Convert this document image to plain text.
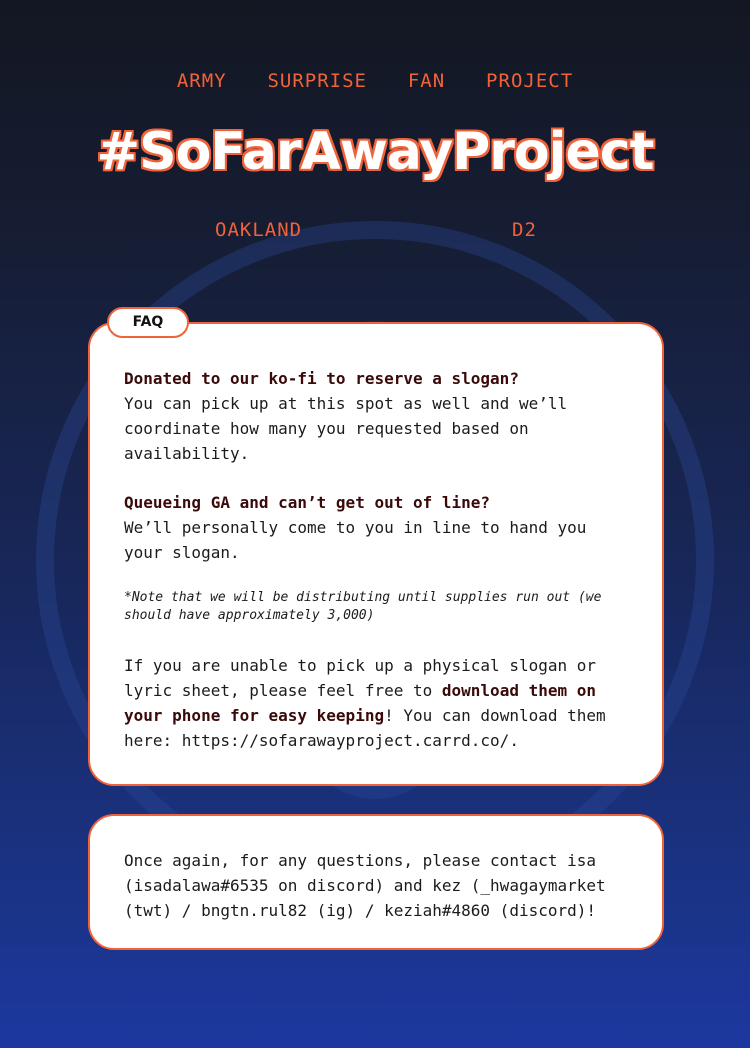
ARMY  SURPRISE  FAN  PROJECT
#SoFarAwayProject
OAKLAND	D2

Donated to our ko-fi to reserve a slogan?

You can pick up at this spot as well and we’ll coordinate how many you requested based on availability.

Queueing GA and can’t get out of line?

We’ll personally come to you in line to hand you your slogan.

*Note that we will be distributing until supplies run out (we should have approximately 3,000)

If you are unable to pick up a physical slogan or lyric sheet, please feel free to download them on your phone for easy keeping! You can download them here: https://sofarawayproject.carrd.co/.

FAQ

Once again, for any questions, please contact isa (isadalawa#6535 on discord) and kez (_hwagaymarket (twt) / bngtn.rul82 (ig) / keziah#4860 (discord)!
